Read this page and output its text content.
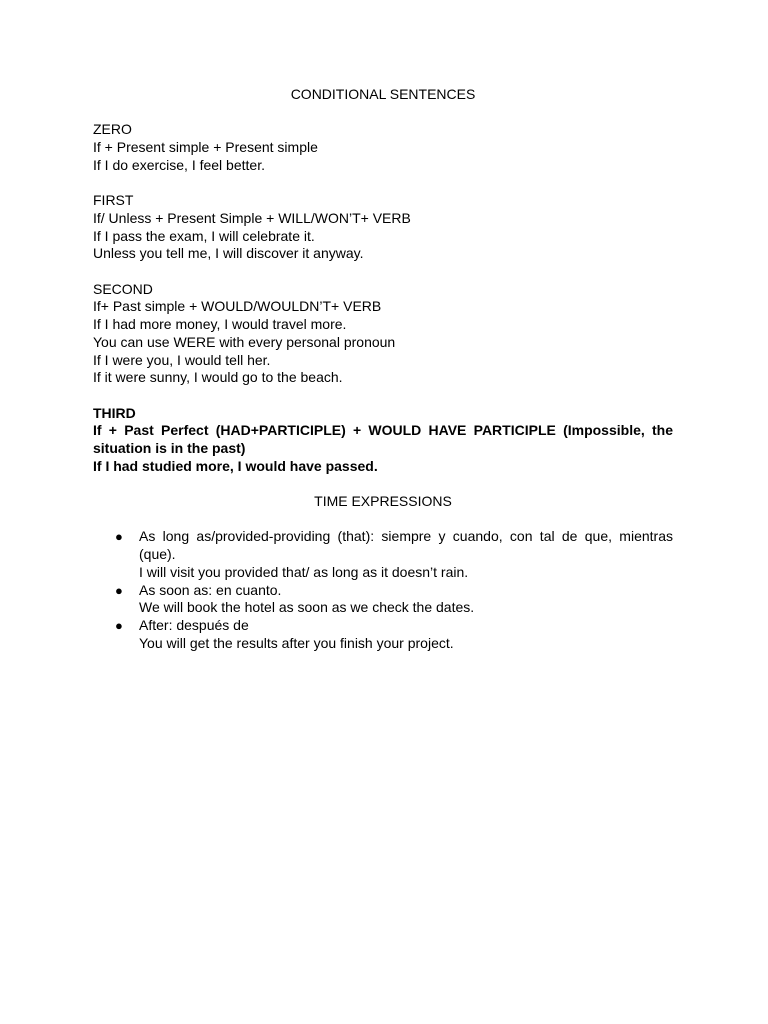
CONDITIONAL SENTENCES

ZERO

If + Present simple + Present simple

If I do exercise, I feel better.

FIRST

If/ Unless + Present Simple + WILL/WON’T+ VERB

If I pass the exam, I will celebrate it.

Unless you tell me, I will discover it anyway.

SECOND

If+ Past simple + WOULD/WOULDN’T+ VERB

If I had more money, I would travel more.

You can use WERE with every personal pronoun

If I were you, I would tell her.

If it were sunny, I would go to the beach.

THIRD

If + Past Perfect (HAD+PARTICIPLE) + WOULD HAVE PARTICIPLE (Impossible, the situation is in the past)

If I had studied more, I would have passed.

TIME EXPRESSIONS

● As long as/provided-providing (that): siempre y cuando, con tal de que, mientras (que).
I will visit you provided that/ as long as it doesn’t rain.
● As soon as: en cuanto.
We will book the hotel as soon as we check the dates.
● After: después de
You will get the results after you finish your project.
